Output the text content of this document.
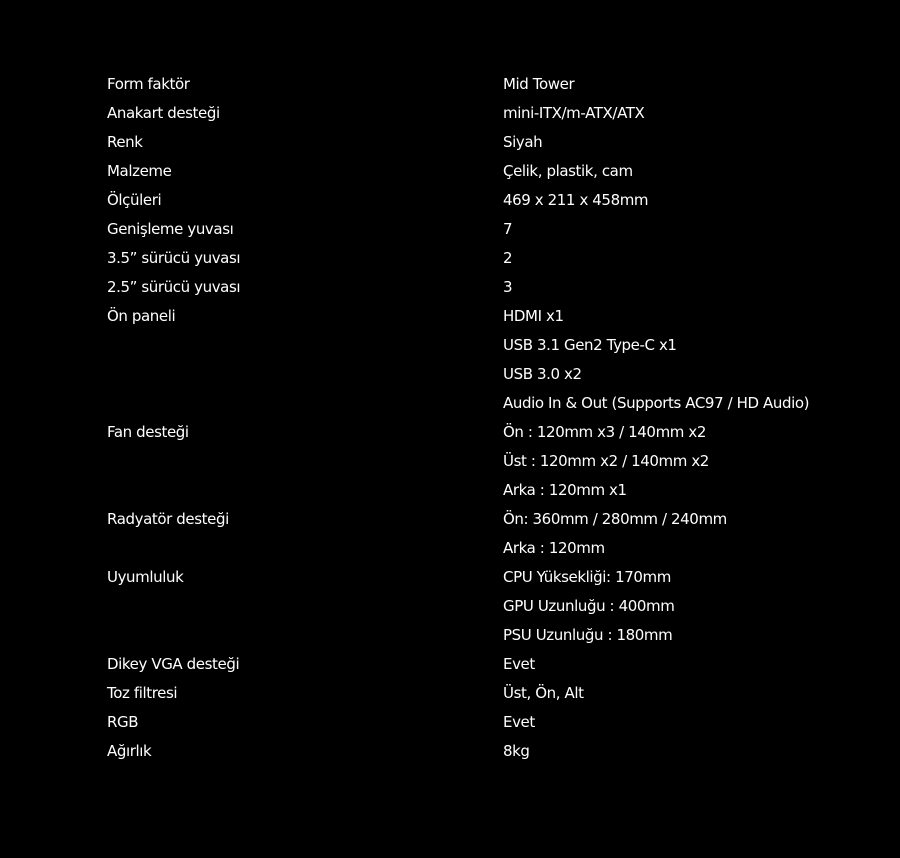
Form faktör	Mid Tower
Anakart desteği	mini-ITX/m-ATX/ATX
Renk	Siyah
Malzeme	Çelik, plastik, cam
Ölçüleri	469 x 211 x 458mm
Genişleme yuvası	7
3.5” sürücü yuvası	2
2.5” sürücü yuvası	3
Ön paneli	HDMI x1
USB 3.1 Gen2 Type-C x1
USB 3.0 x2
Audio In & Out (Supports AC97 / HD Audio)
Fan desteği	Ön : 120mm x3 / 140mm x2
Üst : 120mm x2 / 140mm x2
Arka : 120mm x1
Radyatör desteği	Ön: 360mm / 280mm / 240mm
Arka : 120mm
Uyumluluk	CPU Yüksekliği: 170mm
GPU Uzunluğu : 400mm
PSU Uzunluğu : 180mm
Dikey VGA desteği	Evet
Toz filtresi	Üst, Ön, Alt
RGB	Evet
Ağırlık	8kg
